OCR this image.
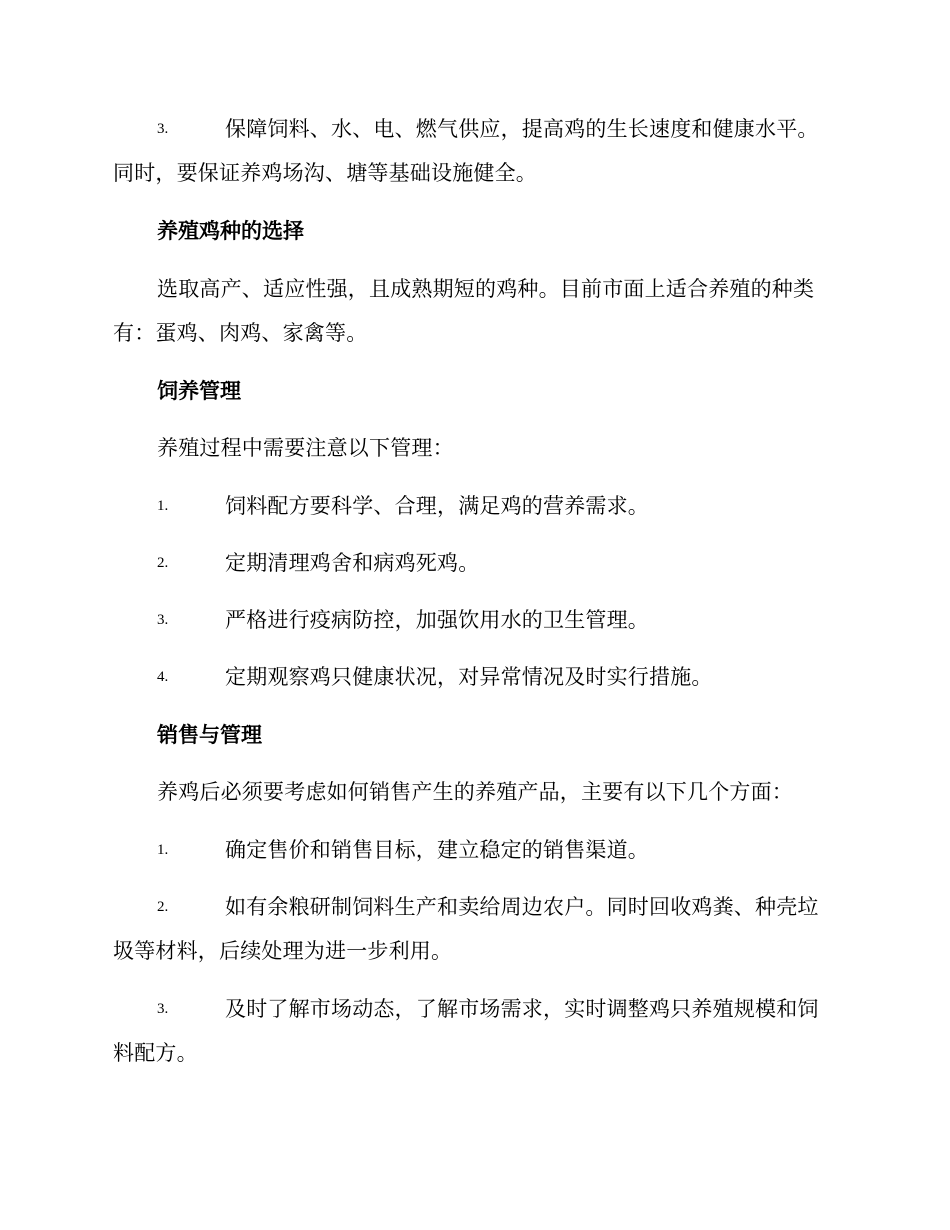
3.	保障饲料、水、电、燃气供应，提高鸡的生长速度和健康水平。
同时，要保证养鸡场沟、塘等基础设施健全。
养殖鸡种的选择
选取高产、适应性强，且成熟期短的鸡种。目前市面上适合养殖的种类
有：蛋鸡、肉鸡、家禽等。
饲养管理
养殖过程中需要注意以下管理：
1.	饲料配方要科学、合理，满足鸡的营养需求。
2.	定期清理鸡舍和病鸡死鸡。
3.	严格进行疫病防控，加强饮用水的卫生管理。
4.	定期观察鸡只健康状况，对异常情况及时实行措施。
销售与管理
养鸡后必须要考虑如何销售产生的养殖产品，主要有以下几个方面：
1.	确定售价和销售目标，建立稳定的销售渠道。
2.	如有余粮研制饲料生产和卖给周边农户。同时回收鸡粪、种壳垃
圾等材料，后续处理为进一步利用。
3.	及时了解市场动态，了解市场需求，实时调整鸡只养殖规模和饲
料配方。
